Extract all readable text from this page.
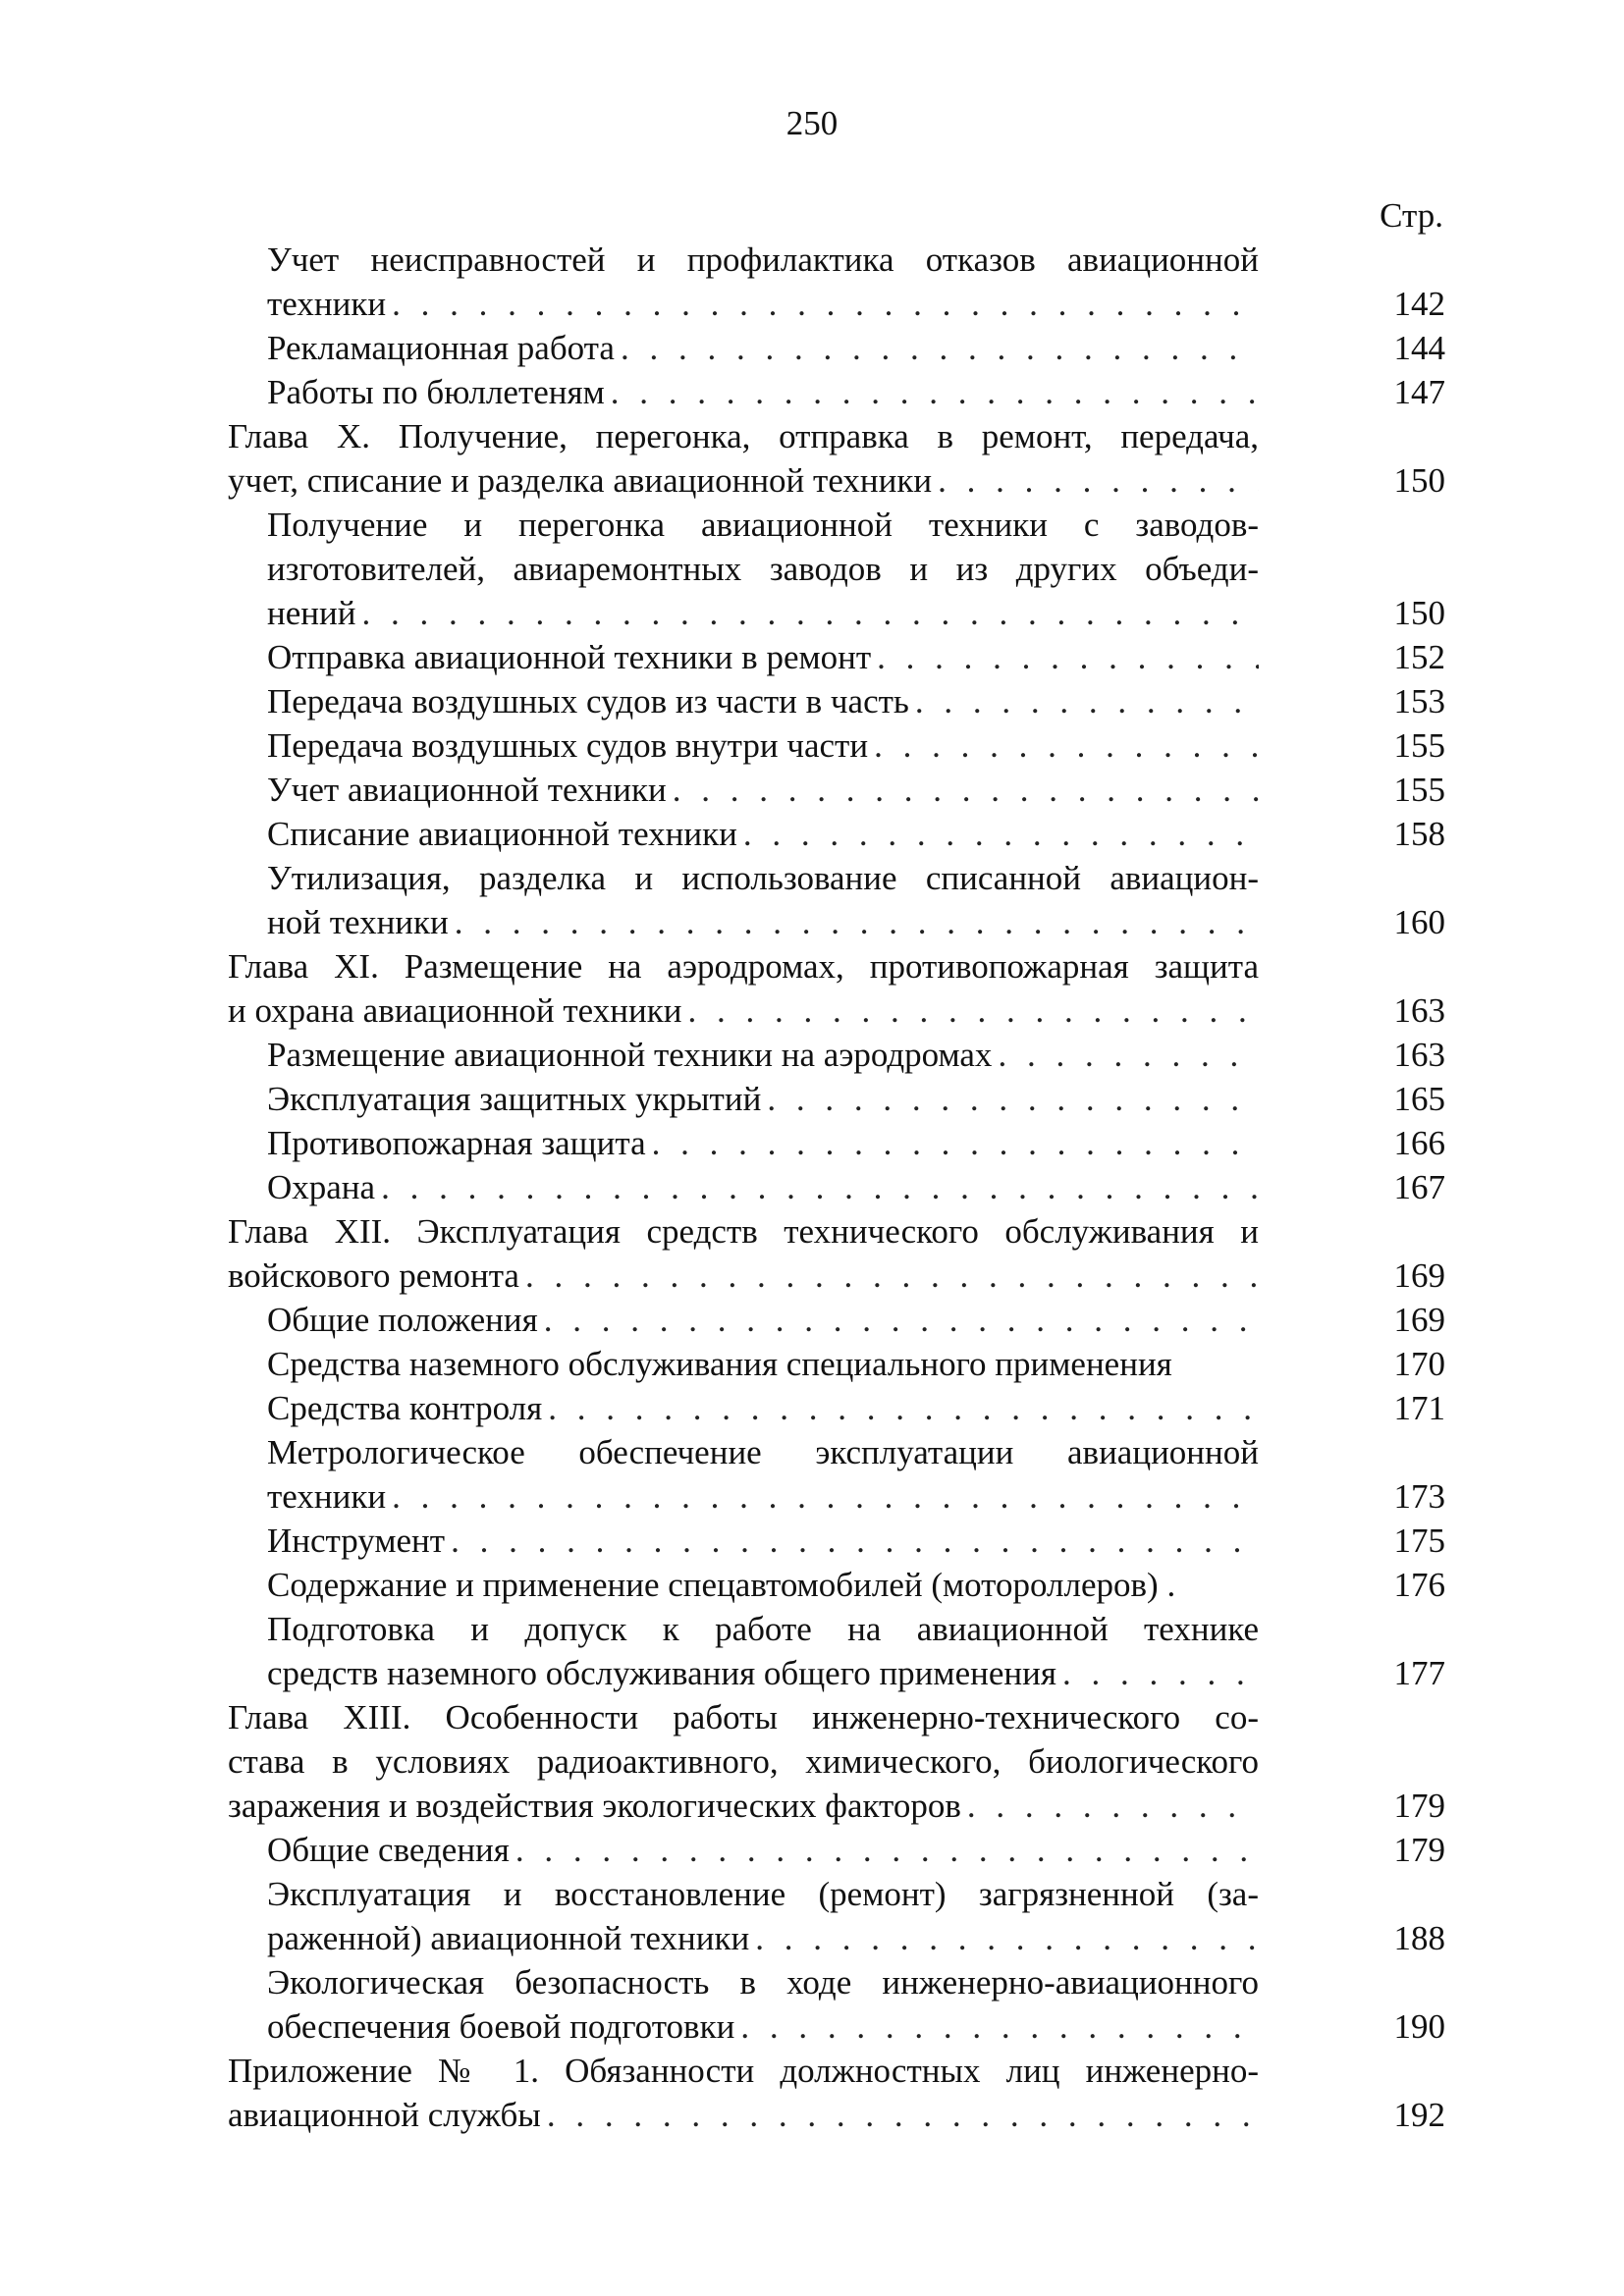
250
Стр.
Учет неисправностей и профилактика отказов авиационной
техники . . .	142
Рекламационная работа . . .	144
Работы по бюллетеням . . .	147
Глава X. Получение, перегонка, отправка в ремонт, передача,
учет, списание и разделка авиационной техники . . .	150
Получение и перегонка авиационной техники с заводов-
изготовителей, авиаремонтных заводов и из других объеди-
нений . . .	150
Отправка авиационной техники в ремонт . . .	152
Передача воздушных судов из части в часть . . .	153
Передача воздушных судов внутри части . . .	155
Учет авиационной техники . . .	155
Списание авиационной техники . . .	158
Утилизация, разделка и использование списанной авиацион-
ной техники . . .	160
Глава XI. Размещение на аэродромах, противопожарная защита
и охрана авиационной техники . . .	163
Размещение авиационной техники на аэродромах . . .	163
Эксплуатация защитных укрытий . . .	165
Противопожарная защита . . .	166
Охрана . . .	167
Глава XII. Эксплуатация средств технического обслуживания и
войскового ремонта . . .	169
Общие положения . . .	169
Средства наземного обслуживания специального применения	170
Средства контроля . . .	171
Метрологическое обеспечение эксплуатации авиационной
техники . . .	173
Инструмент . . .	175
Содержание и применение спецавтомобилей (мотороллеров) .	176
Подготовка и допуск к работе на авиационной технике
средств наземного обслуживания общего применения . . .	177
Глава XIII. Особенности работы инженерно-технического со-
става в условиях радиоактивного, химического, биологического
заражения и воздействия экологических факторов . . .	179
Общие сведения . . .	179
Эксплуатация и восстановление (ремонт) загрязненной (за-
раженной) авиационной техники . . .	188
Экологическая безопасность в ходе инженерно-авиационного
обеспечения боевой подготовки . . .	190
Приложение № 1. Обязанности должностных лиц инженерно-
авиационной службы . . .	192
